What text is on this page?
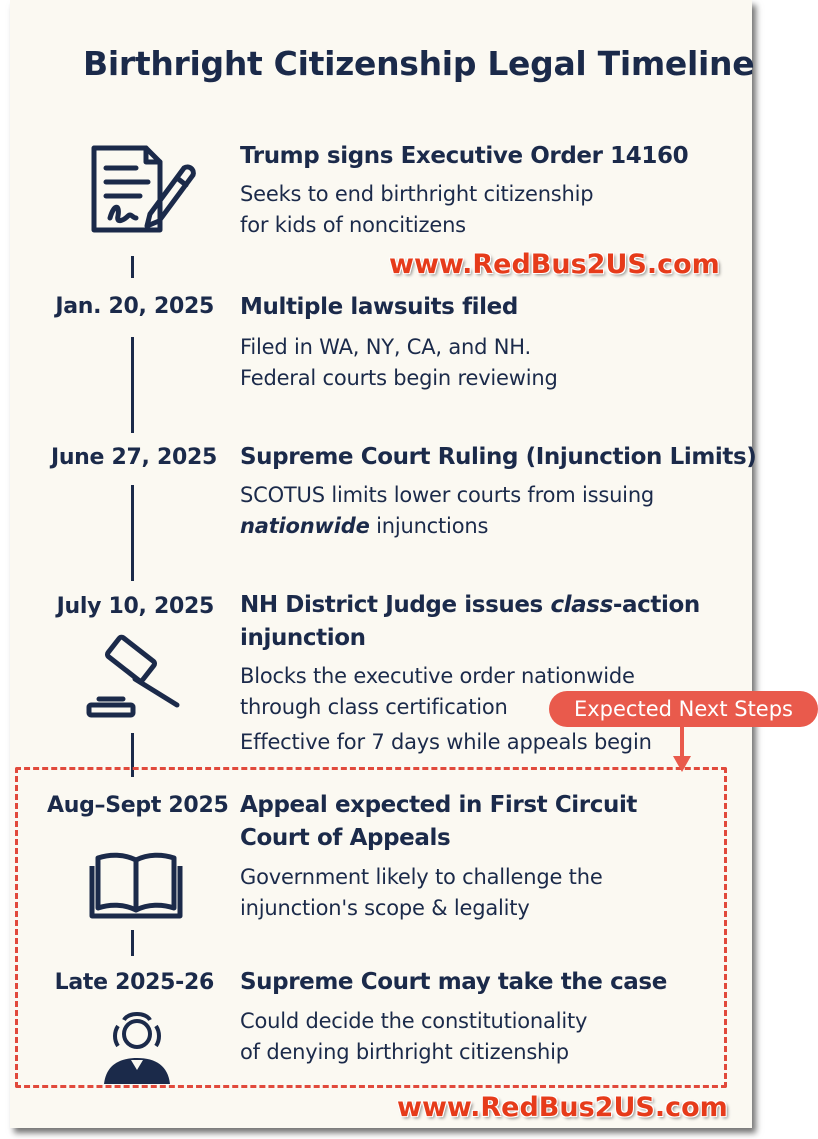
Birthright Citizenship Legal Timeline
Trump signs Executive Order 14160
Seeks to end birthright citizenship
for kids of noncitizens
Jan. 20, 2025 Multiple lawsuits filed
Filed in WA, NY, CA, and NH.
Federal courts begin reviewing
June 27, 2025 Supreme Court Ruling (Injunction Limits)
SCOTUS limits lower courts from issuing
nationwide injunctions
July 10, 2025 NH District Judge issues class-action
injunction
Blocks the executive order nationwide
through class certification
Effective for 7 days while appeals begin
Expected Next Steps
Aug–Sept 2025 Appeal expected in First Circuit
Court of Appeals
Government likely to challenge the
injunction's scope & legality
Late 2025-26 Supreme Court may take the case
Could decide the constitutionality
of denying birthright citizenship
www.RedBus2US.com
www.RedBus2US.com
